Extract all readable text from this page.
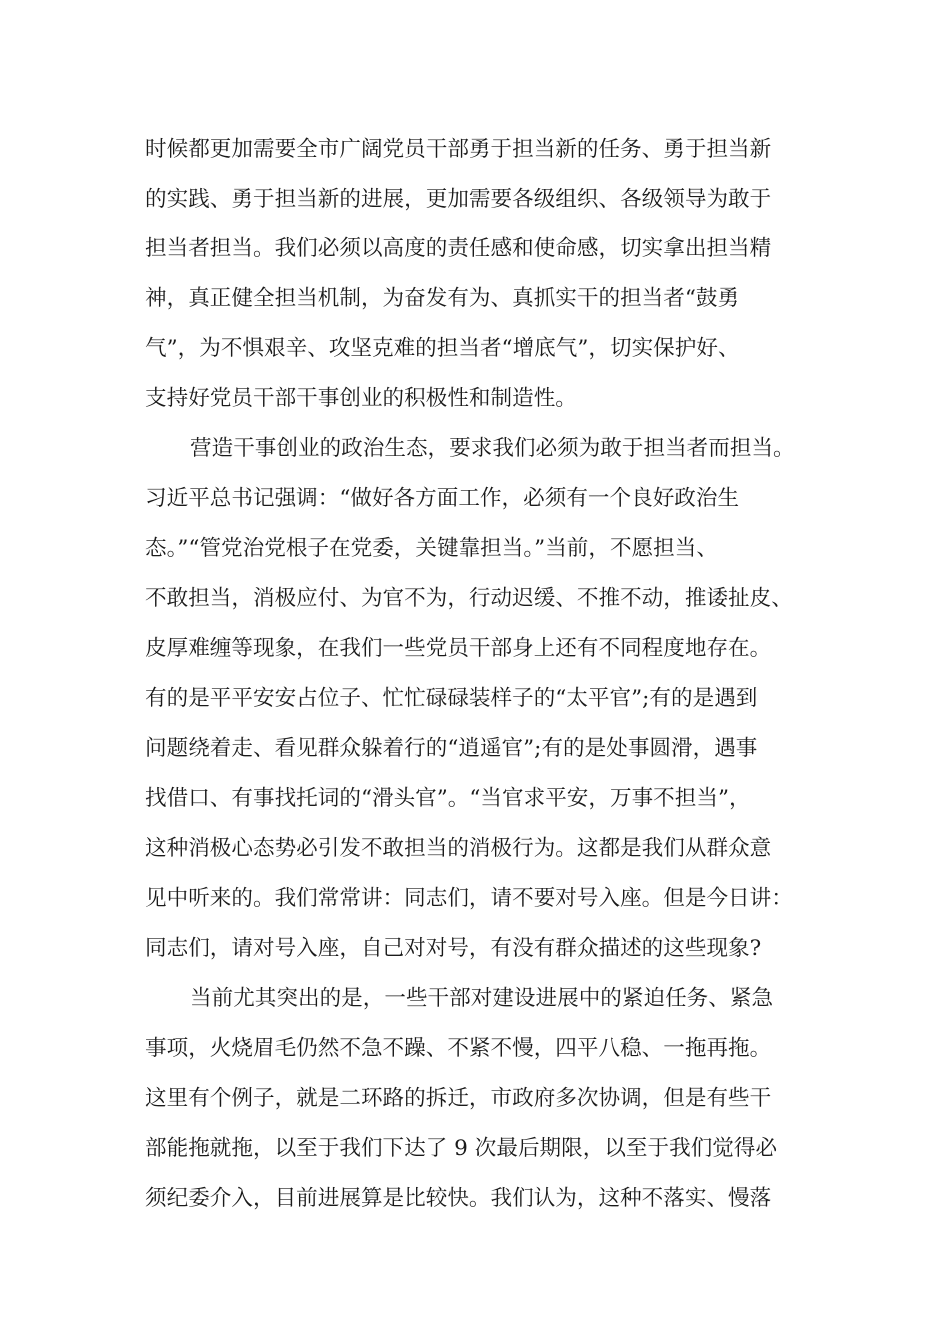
时候都更加需要全市广阔党员干部勇于担当新的任务、勇于担当新
的实践、勇于担当新的进展，更加需要各级组织、各级领导为敢于
担当者担当。我们必须以高度的责任感和使命感，切实拿出担当精
神，真正健全担当机制，为奋发有为、真抓实干的担当者“鼓勇
气”，为不惧艰辛、攻坚克难的担当者“增底气”，切实保护好、
支持好党员干部干事创业的积极性和制造性。
营造干事创业的政治生态，要求我们必须为敢于担当者而担当。
习近平总书记强调：“做好各方面工作，必须有一个良好政治生
态。”“管党治党根子在党委，关键靠担当。”当前，不愿担当、
不敢担当，消极应付、为官不为，行动迟缓、不推不动，推诿扯皮、
皮厚难缠等现象，在我们一些党员干部身上还有不同程度地存在。
有的是平平安安占位子、忙忙碌碌装样子的“太平官”;有的是遇到
问题绕着走、看见群众躲着行的“逍遥官”;有的是处事圆滑，遇事
找借口、有事找托词的“滑头官”。“当官求平安，万事不担当”，
这种消极心态势必引发不敢担当的消极行为。这都是我们从群众意
见中听来的。我们常常讲：同志们，请不要对号入座。但是今日讲：
同志们，请对号入座，自己对对号，有没有群众描述的这些现象?
当前尤其突出的是，一些干部对建设进展中的紧迫任务、紧急
事项，火烧眉毛仍然不急不躁、不紧不慢，四平八稳、一拖再拖。
这里有个例子，就是二环路的拆迁，市政府多次协调，但是有些干
部能拖就拖，以至于我们下达了 9 次最后期限，以至于我们觉得必
须纪委介入，目前进展算是比较快。我们认为，这种不落实、慢落
